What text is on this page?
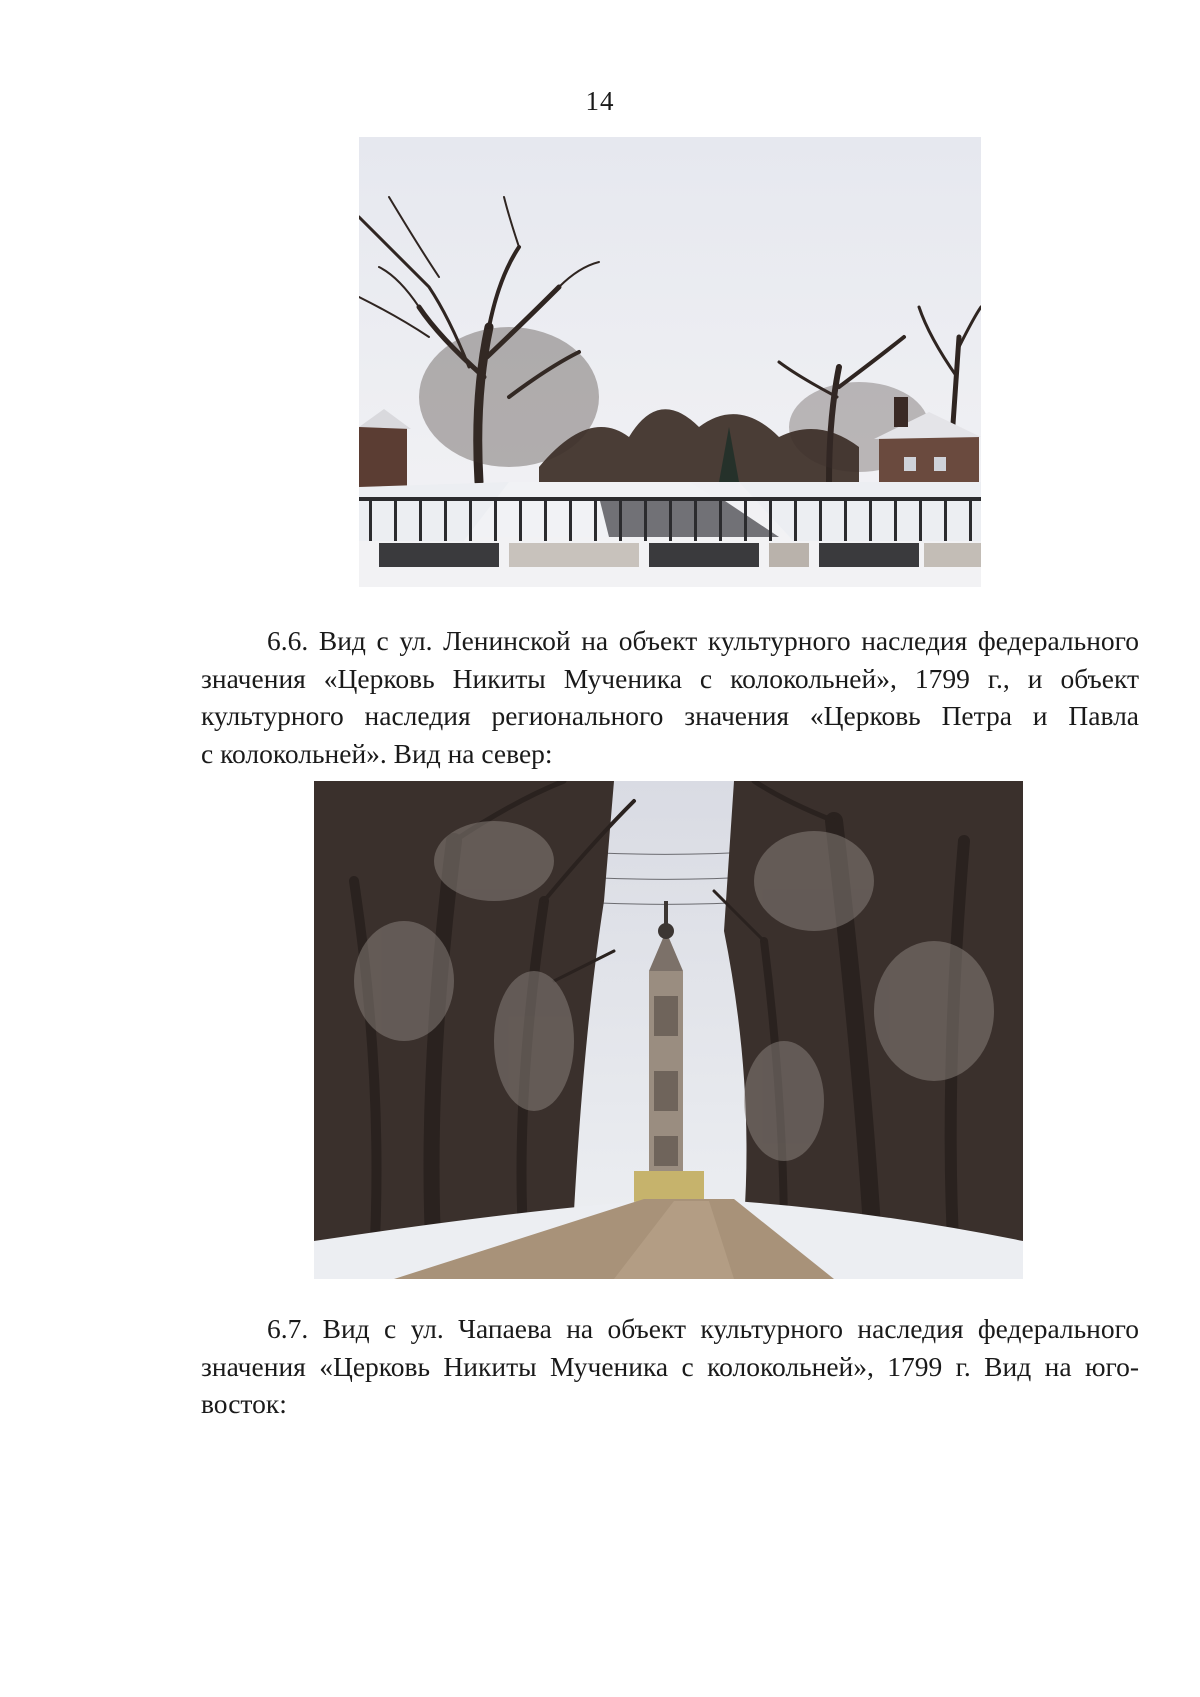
14
6.6. Вид с ул. Ленинской на объект культурного наследия федерального
значения «Церковь Никиты Мученика с колокольней», 1799 г., и объект
культурного наследия регионального значения «Церковь Петра и Павла
с колокольней». Вид на север:
6.7. Вид с ул. Чапаева на объект культурного наследия федерального
значения «Церковь Никиты Мученика с колокольней», 1799 г. Вид на юго-
восток:
